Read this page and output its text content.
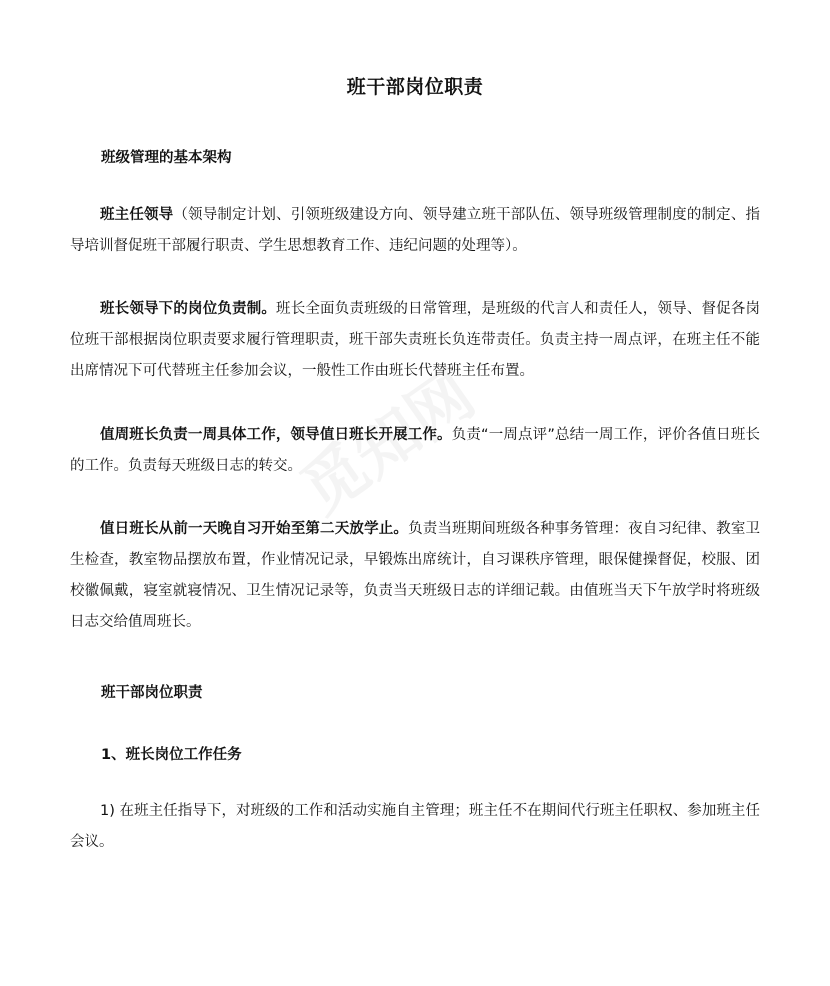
班干部岗位职责
班级管理的基本架构

班主任领导（领导制定计划、引领班级建设方向、领导建立班干部队伍、领导班级管理制度的制定、指导培训督促班干部履行职责、学生思想教育工作、违纪问题的处理等）。

班长领导下的岗位负责制。班长全面负责班级的日常管理，是班级的代言人和责任人，领导、督促各岗位班干部根据岗位职责要求履行管理职责，班干部失责班长负连带责任。负责主持一周点评，在班主任不能出席情况下可代替班主任参加会议，一般性工作由班长代替班主任布置。

值周班长负责一周具体工作，领导值日班长开展工作。负责“一周点评”总结一周工作，评价各值日班长的工作。负责每天班级日志的转交。

值日班长从前一天晚自习开始至第二天放学止。负责当班期间班级各种事务管理：夜自习纪律、教室卫生检查，教室物品摆放布置，作业情况记录，早锻炼出席统计，自习课秩序管理，眼保健操督促，校服、团校徽佩戴，寝室就寝情况、卫生情况记录等，负责当天班级日志的详细记载。由值班当天下午放学时将班级日志交给值周班长。

班干部岗位职责
1、班长岗位工作任务

1) 在班主任指导下，对班级的工作和活动实施自主管理；班主任不在期间代行班主任职权、参加班主任会议。
